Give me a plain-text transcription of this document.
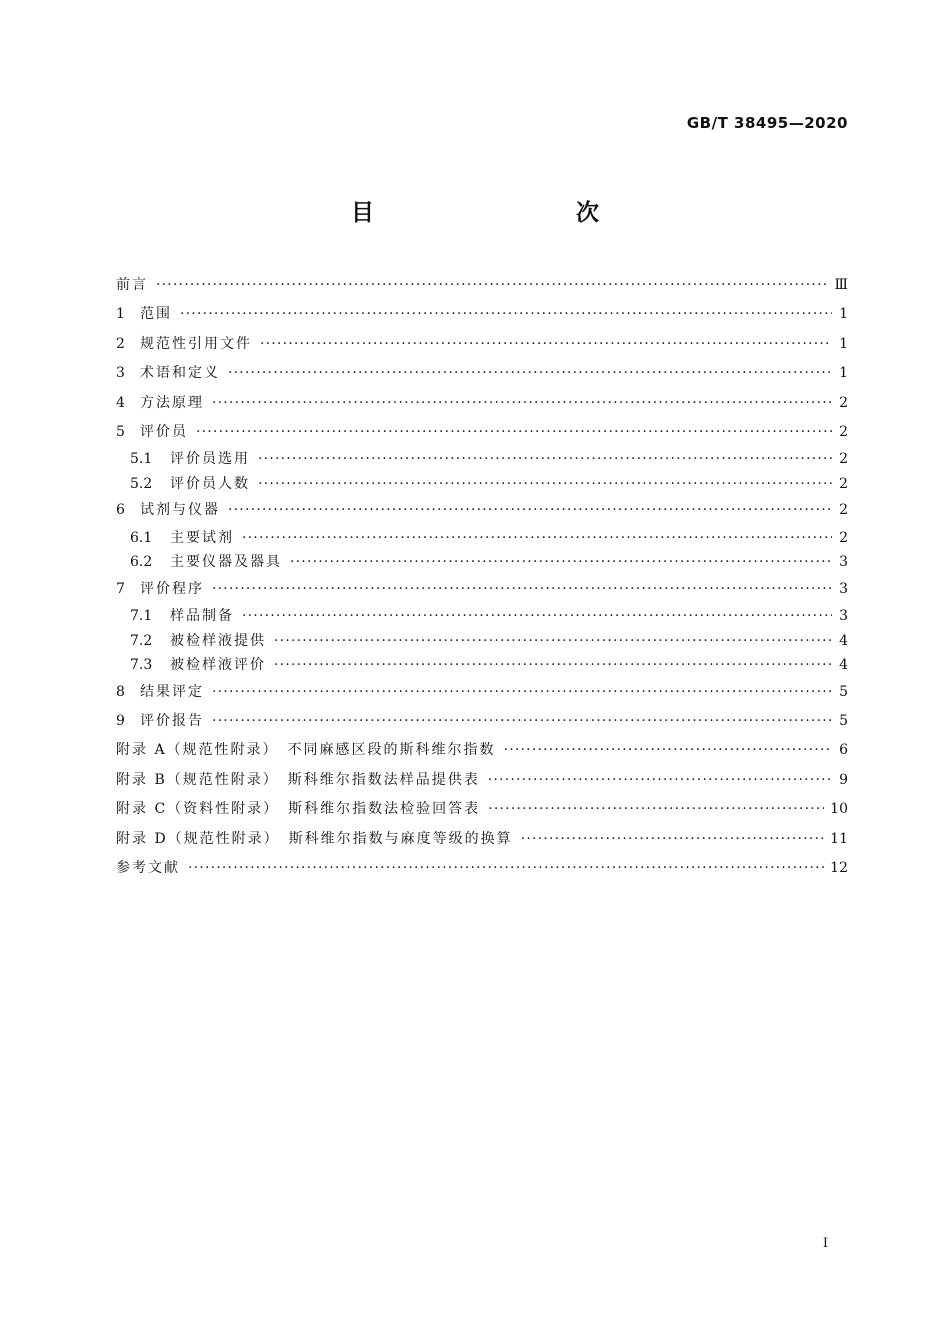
GB/T 38495—2020
目　　次
前言 ·····	Ⅲ
1 范围 ·····	1
2 规范性引用文件 ·····	1
3 术语和定义 ·····	1
4 方法原理 ·····	2
5 评价员 ·····	2
5.1 评价员选用 ·····	2
5.2 评价员人数 ·····	2
6 试剂与仪器 ·····	2
6.1 主要试剂 ·····	2
6.2 主要仪器及器具 ·····	3
7 评价程序 ·····	3
7.1 样品制备 ·····	3
7.2 被检样液提供 ·····	4
7.3 被检样液评价 ·····	4
8 结果评定 ·····	5
9 评价报告 ·····	5
附录 A（规范性附录）　不同麻感区段的斯科维尔指数 ·····	6
附录 B（规范性附录）　斯科维尔指数法样品提供表 ·····	9
附录 C（资料性附录）　斯科维尔指数法检验回答表 ·····	10
附录 D（规范性附录）　斯科维尔指数与麻度等级的换算 ·····	11
参考文献 ·····	12
I
